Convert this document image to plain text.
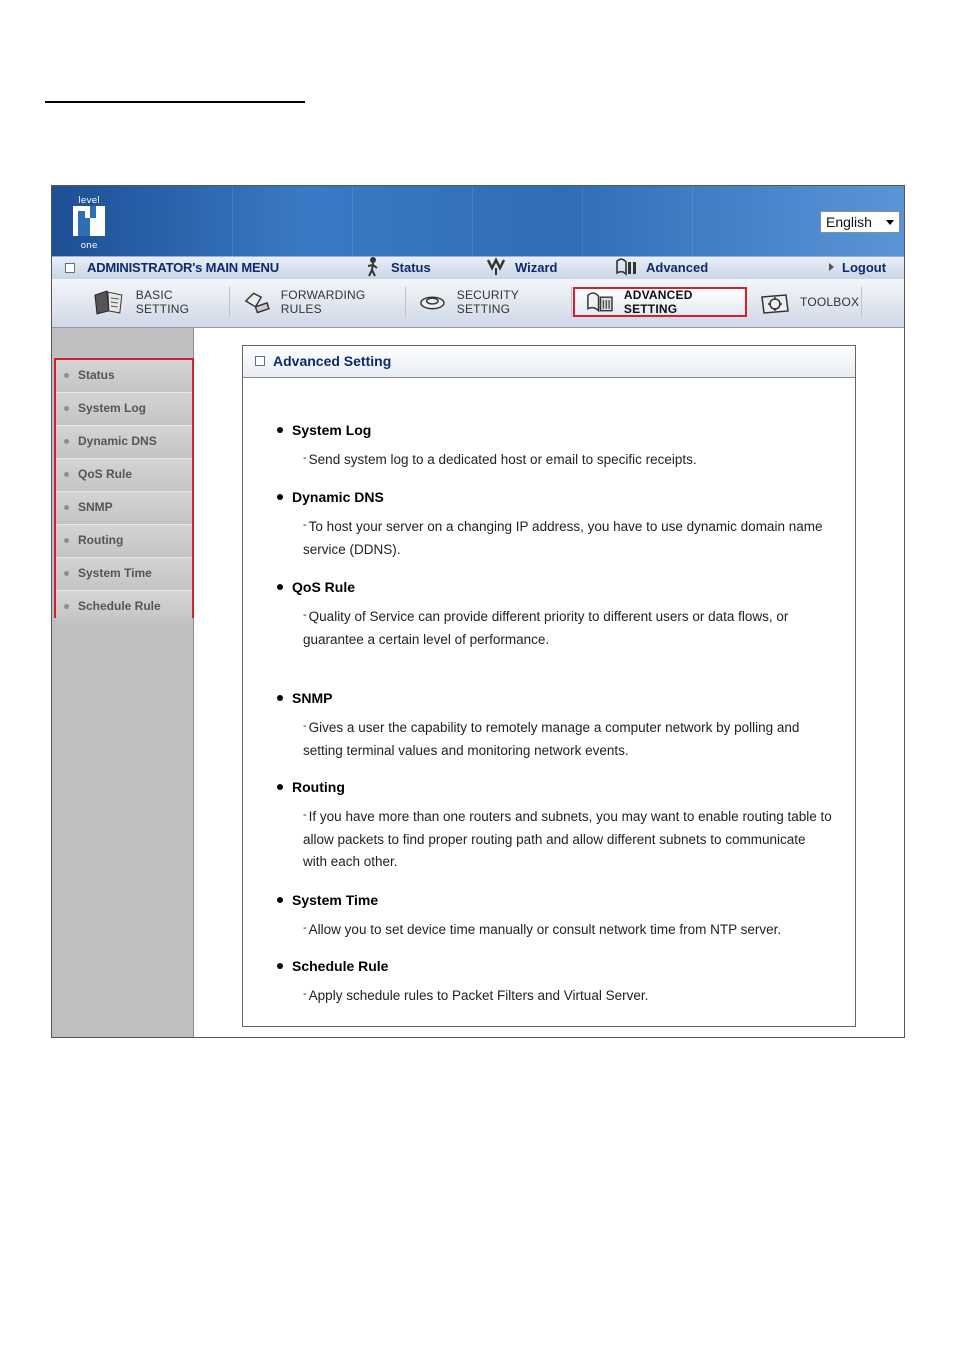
level
one
English
ADMINISTRATOR's MAIN MENU	Status	Wizard	Advanced	Logout
BASIC SETTING
FORWARDING RULES
SECURITY SETTING
ADVANCED SETTING	TOOLBOX
Status
System Log
Dynamic DNS
QoS Rule
SNMP
Routing
System Time
Schedule Rule
Advanced Setting
System Log
- Send system log to a dedicated host or email to specific receipts.
Dynamic DNS
- To host your server on a changing IP address, you have to use dynamic domain name service (DDNS).
QoS Rule
- Quality of Service can provide different priority to different users or data flows, or guarantee a certain level of performance.
SNMP
- Gives a user the capability to remotely manage a computer network by polling and setting terminal values and monitoring network events.
Routing
- If you have more than one routers and subnets, you may want to enable routing table to allow packets to find proper routing path and allow different subnets to communicate with each other.
System Time
- Allow you to set device time manually or consult network time from NTP server.
Schedule Rule
- Apply schedule rules to Packet Filters and Virtual Server.
